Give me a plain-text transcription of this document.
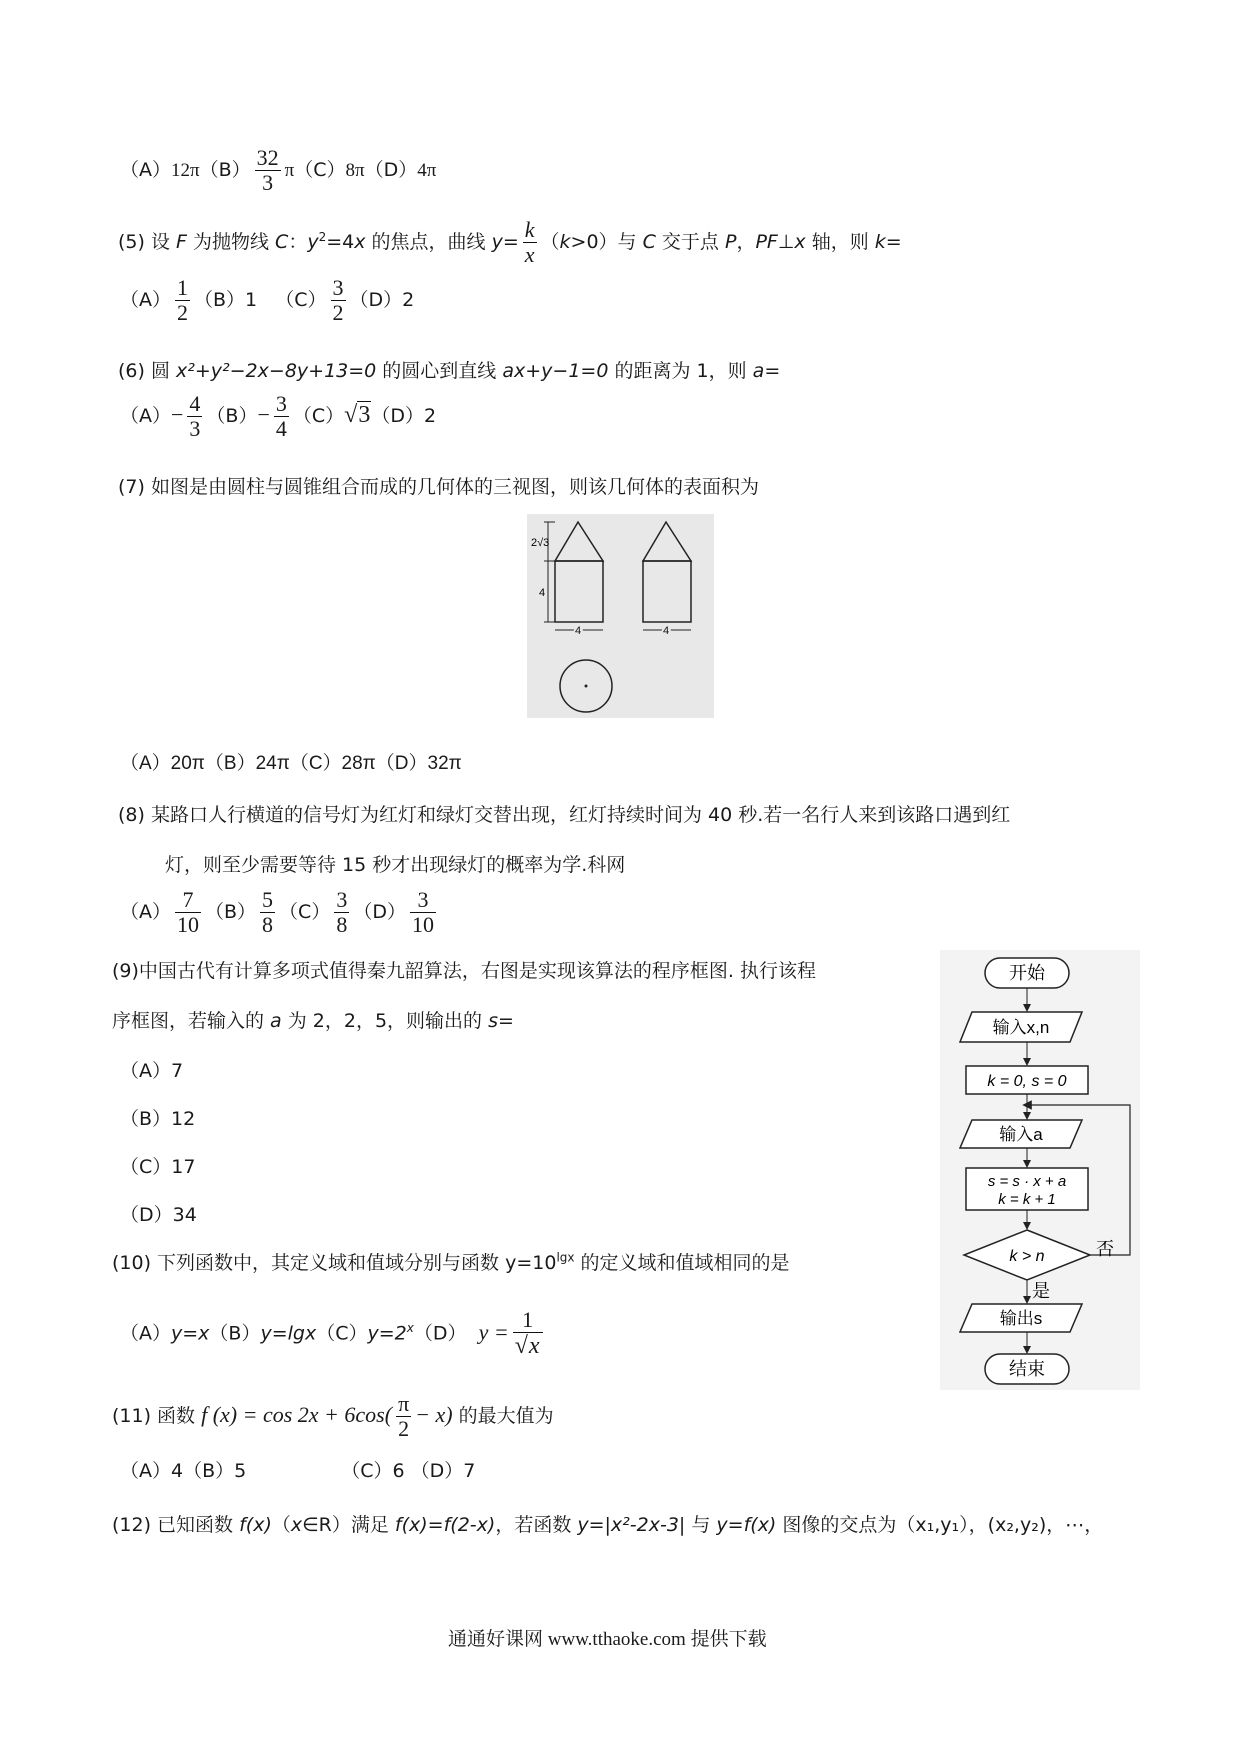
$(A)12\pi(B) \frac{32}{3} \pi(C)8\pi(D)4\pi$
(5) 设 F 为抛物线 C：$y^2=4x$ 的焦点，曲线 $y= \frac{k}{x} (k>0)$与 C 交于点 P，PF⊥x 轴，则 k=
$(A) \frac{1}{2} (B)1$ $(C) \frac{3}{2} (D)2$
(6) 圆 x²+y²−2x−8y+13=0 的圆心到直线 ax+y−1=0 的距离为 1，则 a=
$(A)- \frac{4}{3} (B)- \frac{3}{4} (C)√3(D)2$
(7) 如图是由圆柱与圆锥组合而成的几何体的三视图，则该几何体的表面积为
2√3
4
4	4
（A）20π（B）24π（C）28π（D）32π
(8) 某路口人行横道的信号灯为红灯和绿灯交替出现，红灯持续时间为 40 秒.若一名行人来到该路口遇到红
灯，则至少需要等待 15 秒才出现绿灯的概率为学.科网
$(A) \frac{7}{10} (B) \frac{5}{8} (C) \frac{3}{8} (D) \frac{3}{10}$
(9)中国古代有计算多项式值得秦九韶算法，右图是实现该算法的程序框图. 执行该程
序框图，若输入的 a 为 2，2，5，则输出的 s=
（A）7
（B）12
（C）17
（D）34
开始
输入x,n
k = 0, s = 0
输入a
s = s · x + a
k = k + 1
k > n	否
是
输出s
结束
(10) 下列函数中，其定义域和值域分别与函数 $y=10^{lgx}$ 的定义域和值域相同的是
$(A)y=x(B)y=\lg x(C)y=2^x(D) y = \frac{1}{√x}$
(11) 函数 f $(x) = \cos 2x + 6\cos( \frac{\pi}{2} - x)$ 的最大值为
（A）4（B）5	（C）6 （D）7
(12) 已知函数 f(x)（x∈R）满足 f(x)=f(2-x)，若函数 y=|x²-2x-3| 与 y=f(x) 图像的交点为（x₁,y₁），(x₂,y₂)，⋯，
通通好课网 www.tthaoke.com 提供下载
